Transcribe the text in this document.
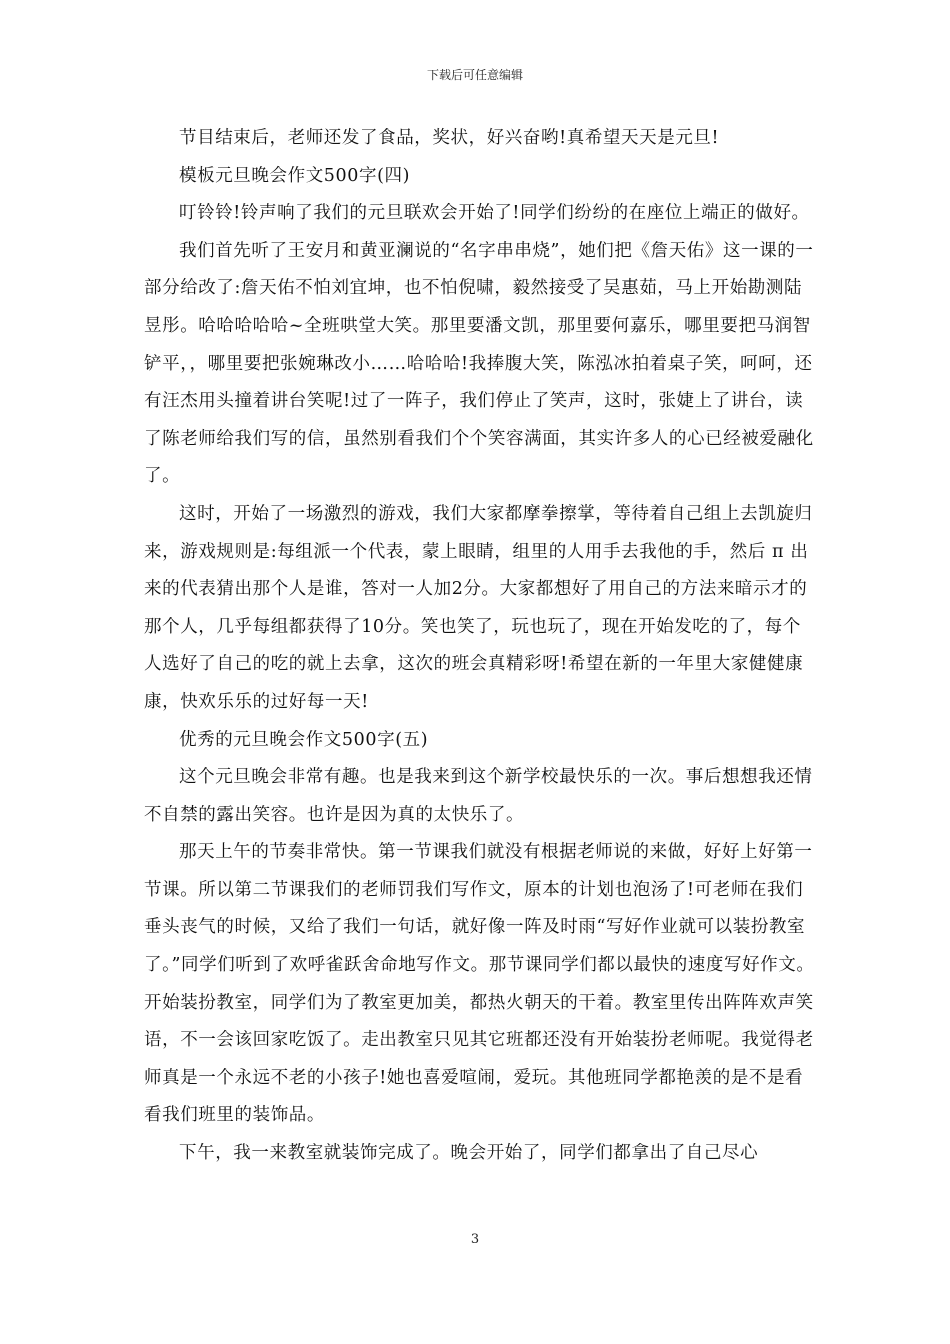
下载后可任意编辑

节目结束后，老师还发了食品，奖状，好兴奋哟!真希望天天是元旦!

模板元旦晚会作文500字(四)

叮铃铃!铃声响了我们的元旦联欢会开始了!同学们纷纷的在座位上端正的做好。

我们首先听了王安月和黄亚澜说的“名字串串烧”，她们把《詹天佑》这一课的一部分给改了:詹天佑不怕刘宜坤，也不怕倪啸，毅然接受了吴惠茹，马上开始勘测陆昱彤。哈哈哈哈哈~全班哄堂大笑。那里要潘文凯，那里要何嘉乐，哪里要把马润智铲平，，哪里要把张婉琳改小……哈哈哈!我捧腹大笑，陈泓冰拍着桌子笑，呵呵，还有汪杰用头撞着讲台笑呢!过了一阵子，我们停止了笑声，这时，张婕上了讲台，读了陈老师给我们写的信，虽然别看我们个个笑容满面，其实许多人的心已经被爱融化了。

这时，开始了一场激烈的游戏，我们大家都摩拳擦掌，等待着自己组上去凯旋归来，游戏规则是:每组派一个代表，蒙上眼睛，组里的人用手去我他的手，然后 π 出来的代表猜出那个人是谁，答对一人加2分。大家都想好了用自己的方法来暗示才的那个人，几乎每组都获得了10分。笑也笑了，玩也玩了，现在开始发吃的了，每个人选好了自己的吃的就上去拿，这次的班会真精彩呀!希望在新的一年里大家健健康康，快欢乐乐的过好每一天!

优秀的元旦晚会作文500字(五)

这个元旦晚会非常有趣。也是我来到这个新学校最快乐的一次。事后想想我还情不自禁的露出笑容。也许是因为真的太快乐了。

那天上午的节奏非常快。第一节课我们就没有根据老师说的来做，好好上好第一节课。所以第二节课我们的老师罚我们写作文，原本的计划也泡汤了!可老师在我们垂头丧气的时候，又给了我们一句话，就好像一阵及时雨“写好作业就可以装扮教室了。”同学们听到了欢呼雀跃舍命地写作文。那节课同学们都以最快的速度写好作文。开始装扮教室，同学们为了教室更加美，都热火朝天的干着。教室里传出阵阵欢声笑语，不一会该回家吃饭了。走出教室只见其它班都还没有开始装扮老师呢。我觉得老师真是一个永远不老的小孩子!她也喜爱喧闹，爱玩。其他班同学都艳羡的是不是看看我们班里的装饰品。

下午，我一来教室就装饰完成了。晚会开始了，同学们都拿出了自己尽心

3
